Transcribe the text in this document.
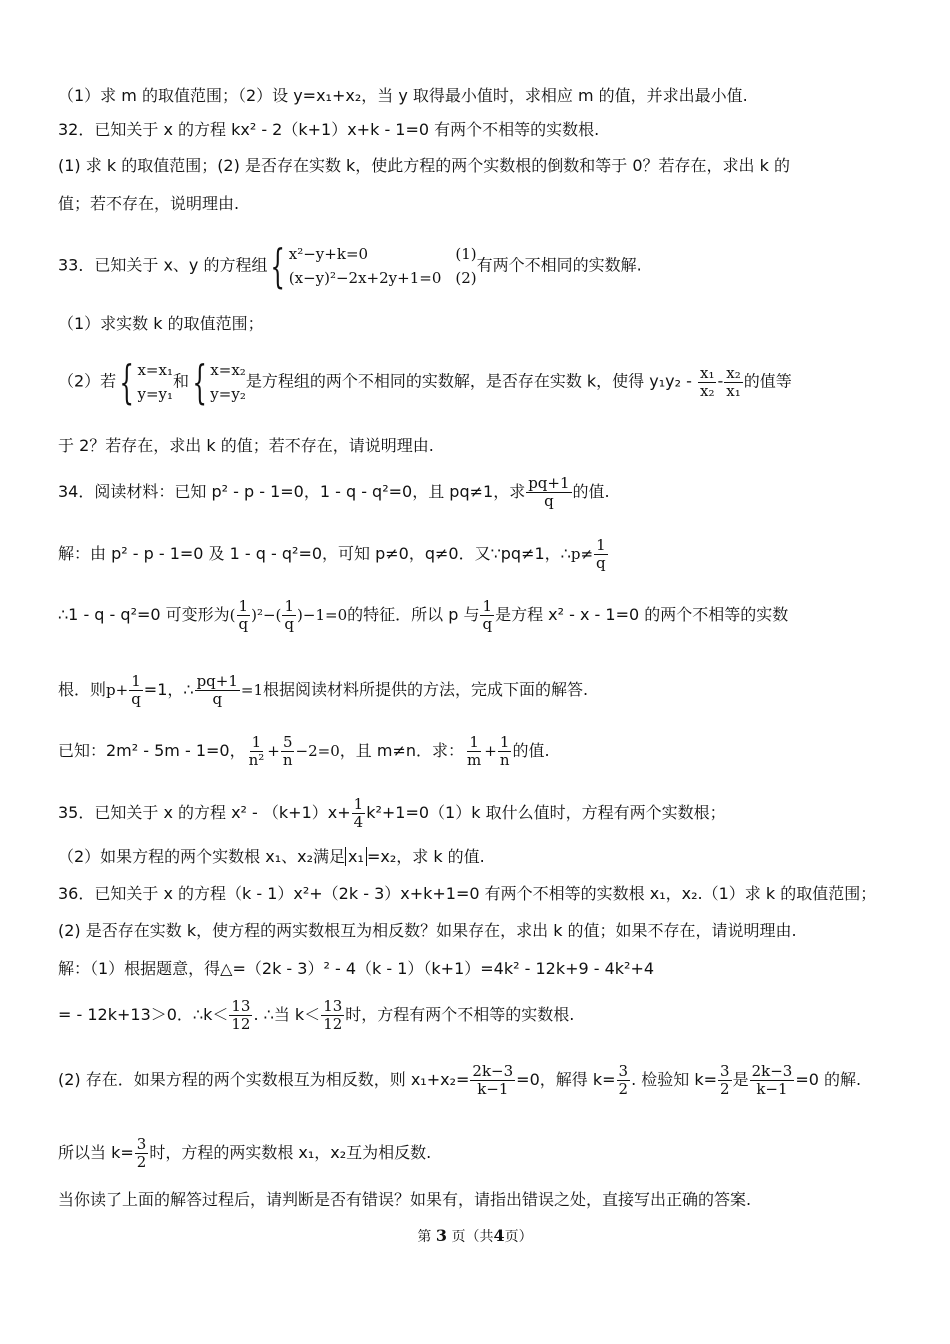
（1）求 m 的取值范围；（2）设 y=x₁+x₂，当 y 取得最小值时，求相应 m 的值，并求出最小值.
32．已知关于 x 的方程 kx² - 2（k+1）x+k - 1=0 有两个不相等的实数根.
(1) 求 k 的取值范围；(2) 是否存在实数 k，使此方程的两个实数根的倒数和等于 0？若存在，求出 k 的
值；若不存在，说明理由.
33．已知关于 x、y 的方程组{ x²−y+k=0
(x−y)²−2x+2y+1=0
(1)
(2)
有两个不相同的实数解.
（1）求实数 k 的取值范围；
（2）若{ x=x₁
y=y₁
和{ x=x₂
y=y₂
是方程组的两个不相同的实数解，是否存在实数 k，使得 $y_1y_2 - \frac{\text{x₁}}{\text{x₂}} - \frac{\text{x₂}}{\text{x₁}}$ 的值等
于 2？若存在，求出 k 的值；若不存在，请说明理由.
34．阅读材料：已知 p² - p - 1=0，1 - q - q²=0，且 pq≠1，求 $\frac{pq+1}{q}$ 的值.
解：由 p² - p - 1=0 及 1 - q - q²=0，可知 p≠0，q≠0．又∵pq≠1，∴p≠ $\frac{1}{q}$
∴1 - q - q²=0 可变形为( $\frac{1}{q} )^2-( \frac{1}{q} )-1=0$的特征．所以 p 与 $\frac{1}{q}$ 是方程 x² - x - 1=0 的两个不相等的实数
根．则$p+ \frac{1}{q} =1$，∴ $\frac{pq+1}{q} =1$根据阅读材料所提供的方法，完成下面的解答.
已知：2m² - 5m - 1=0， $\frac{1}{\text{n²}} + \frac{5}{n} -2=0$，且 m≠n．求： $\frac{1}{m} + \frac{1}{n}$ 的值.
35．已知关于 x 的方程 $x^2 - (k+1)x+ \frac{1}{4} k^2+1=0(1)k$ 取什么值时，方程有两个实数根；
（2）如果方程的两个实数根 x₁、x₂满足 x₁ =x₂，求 k 的值.
36．已知关于 x 的方程（k - 1）x²+（2k - 3）x+k+1=0 有两个不相等的实数根 x₁，x₂.（1）求 k 的取值范围；
(2) 是否存在实数 k，使方程的两实数根互为相反数？如果存在，求出 k 的值；如果不存在，请说明理由.
解：（1）根据题意，得△=（2k - 3）² - 4（k - 1）（k+1）=4k² - 12k+9 - 4k²+4
= - 12k+13＞0．∴k＜ $\frac{13}{12}$ . ∴当 $k< \frac{13}{12}$ 时，方程有两个不相等的实数根.
(2) 存在．如果方程的两个实数根互为相反数，则 $x_1+x_2= \frac{2k-3}{k-1} =0$，解得 $k= \frac{3}{2}$ . 检验知 $k= \frac{3}{2}$ 是 $\frac{2k-3}{k-1} =0$ 的解.
所以当 $k= \frac{3}{2}$ 时，方程的两实数根 x₁，x₂互为相反数.
当你读了上面的解答过程后，请判断是否有错误？如果有，请指出错误之处，直接写出正确的答案.
第 3 页（共4页）
